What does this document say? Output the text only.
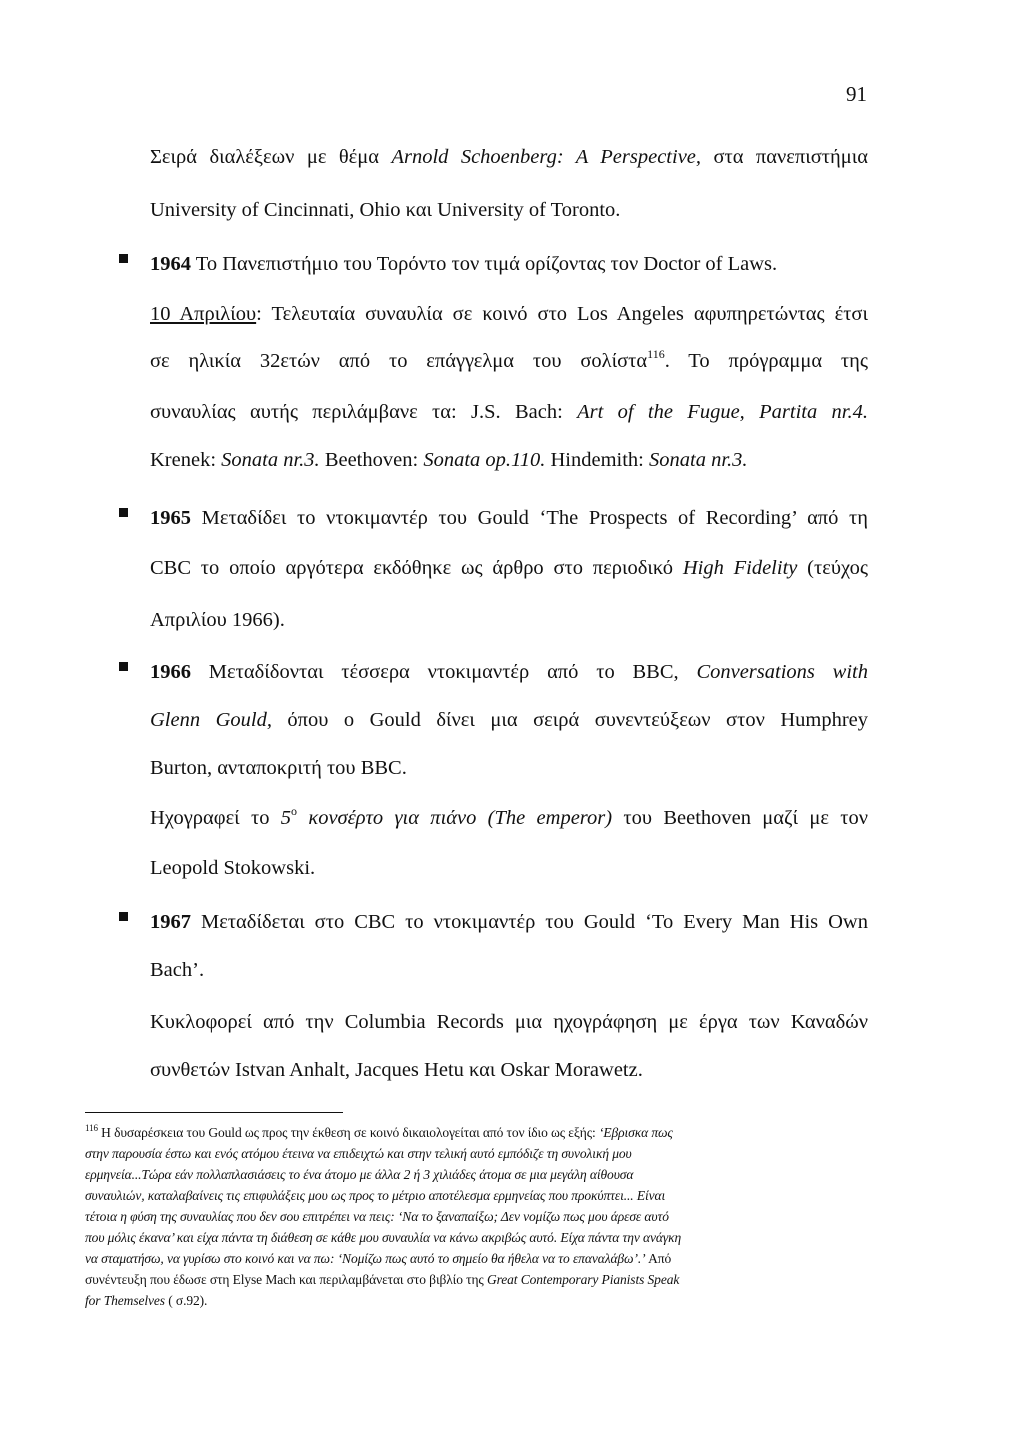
91
Σειρά διαλέξεων με θέμα Arnold Schoenberg: A Perspective, στα πανεπιστήμια
University of Cincinnati, Ohio και University of Toronto.
1964 Το Πανεπιστήμιο του Τορόντο τον τιμά ορίζοντας τον Doctor of Laws.
10 Απριλίου: Τελευταία συναυλία σε κοινό στο Los Angeles αφυπηρετώντας έτσι
σε ηλικία 32ετών από το επάγγελμα του σολίστα$^{116}$. Το πρόγραμμα της
συναυλίας αυτής περιλάμβανε τα: J.S. Bach: Art of the Fugue, Partita nr.4.
Krenek: Sonata nr.3. Beethoven: Sonata op.110. Hindemith: Sonata nr.3.
1965 Μεταδίδει το ντοκιμαντέρ του Gould ‘The Prospects of Recording’ από τη
CBC το οποίο αργότερα εκδόθηκε ως άρθρο στο περιοδικό High Fidelity (τεύχος
Απριλίου 1966).
1966 Μεταδίδονται τέσσερα ντοκιμαντέρ από το BBC, Conversations with
Glenn Gould, όπου ο Gould δίνει μια σειρά συνεντεύξεων στον Humphrey
Burton, ανταποκριτή του BBC.
Ηχογραφεί το $5^o$ κονσέρτο για πιάνο (The emperor) του Beethoven μαζί με τον
Leopold Stokowski.
1967 Μεταδίδεται στο CBC το ντοκιμαντέρ του Gould ‘To Every Man His Own
Bach’.
Κυκλοφορεί από την Columbia Records μια ηχογράφηση με έργα των Καναδών
συνθετών Istvan Anhalt, Jacques Hetu και Oskar Morawetz.
$^{116}$ Η δυσαρέσκεια του Gould ως προς την έκθεση σε κοινό δικαιολογείται από τον ίδιο ως εξής: ‘Εβρισκα πως
στην παρουσία έστω και ενός ατόμου έτεινα να επιδειχτώ και στην τελική αυτό εμπόδιζε τη συνολική μου
ερμηνεία...Τώρα εάν πολλαπλασιάσεις το ένα άτομο με άλλα 2 ή 3 χιλιάδες άτομα σε μια μεγάλη αίθουσα
συναυλιών, καταλαβαίνεις τις επιφυλάξεις μου ως προς το μέτριο αποτέλεσμα ερμηνείας που προκύπτει... Είναι
τέτοια η φύση της συναυλίας που δεν σου επιτρέπει να πεις: ‘Να το ξαναπαίξω; Δεν νομίζω πως μου άρεσε αυτό
που μόλις έκανα’ και είχα πάντα τη διάθεση σε κάθε μου συναυλία να κάνω ακριβώς αυτό. Είχα πάντα την ανάγκη
να σταματήσω, να γυρίσω στο κοινό και να πω: ‘Νομίζω πως αυτό το σημείο θα ήθελα να το επαναλάβω’.’ Από
συνέντευξη που έδωσε στη Elyse Mach και περιλαμβάνεται στο βιβλίο της Great Contemporary Pianists Speak
for Themselves ( σ.92).
